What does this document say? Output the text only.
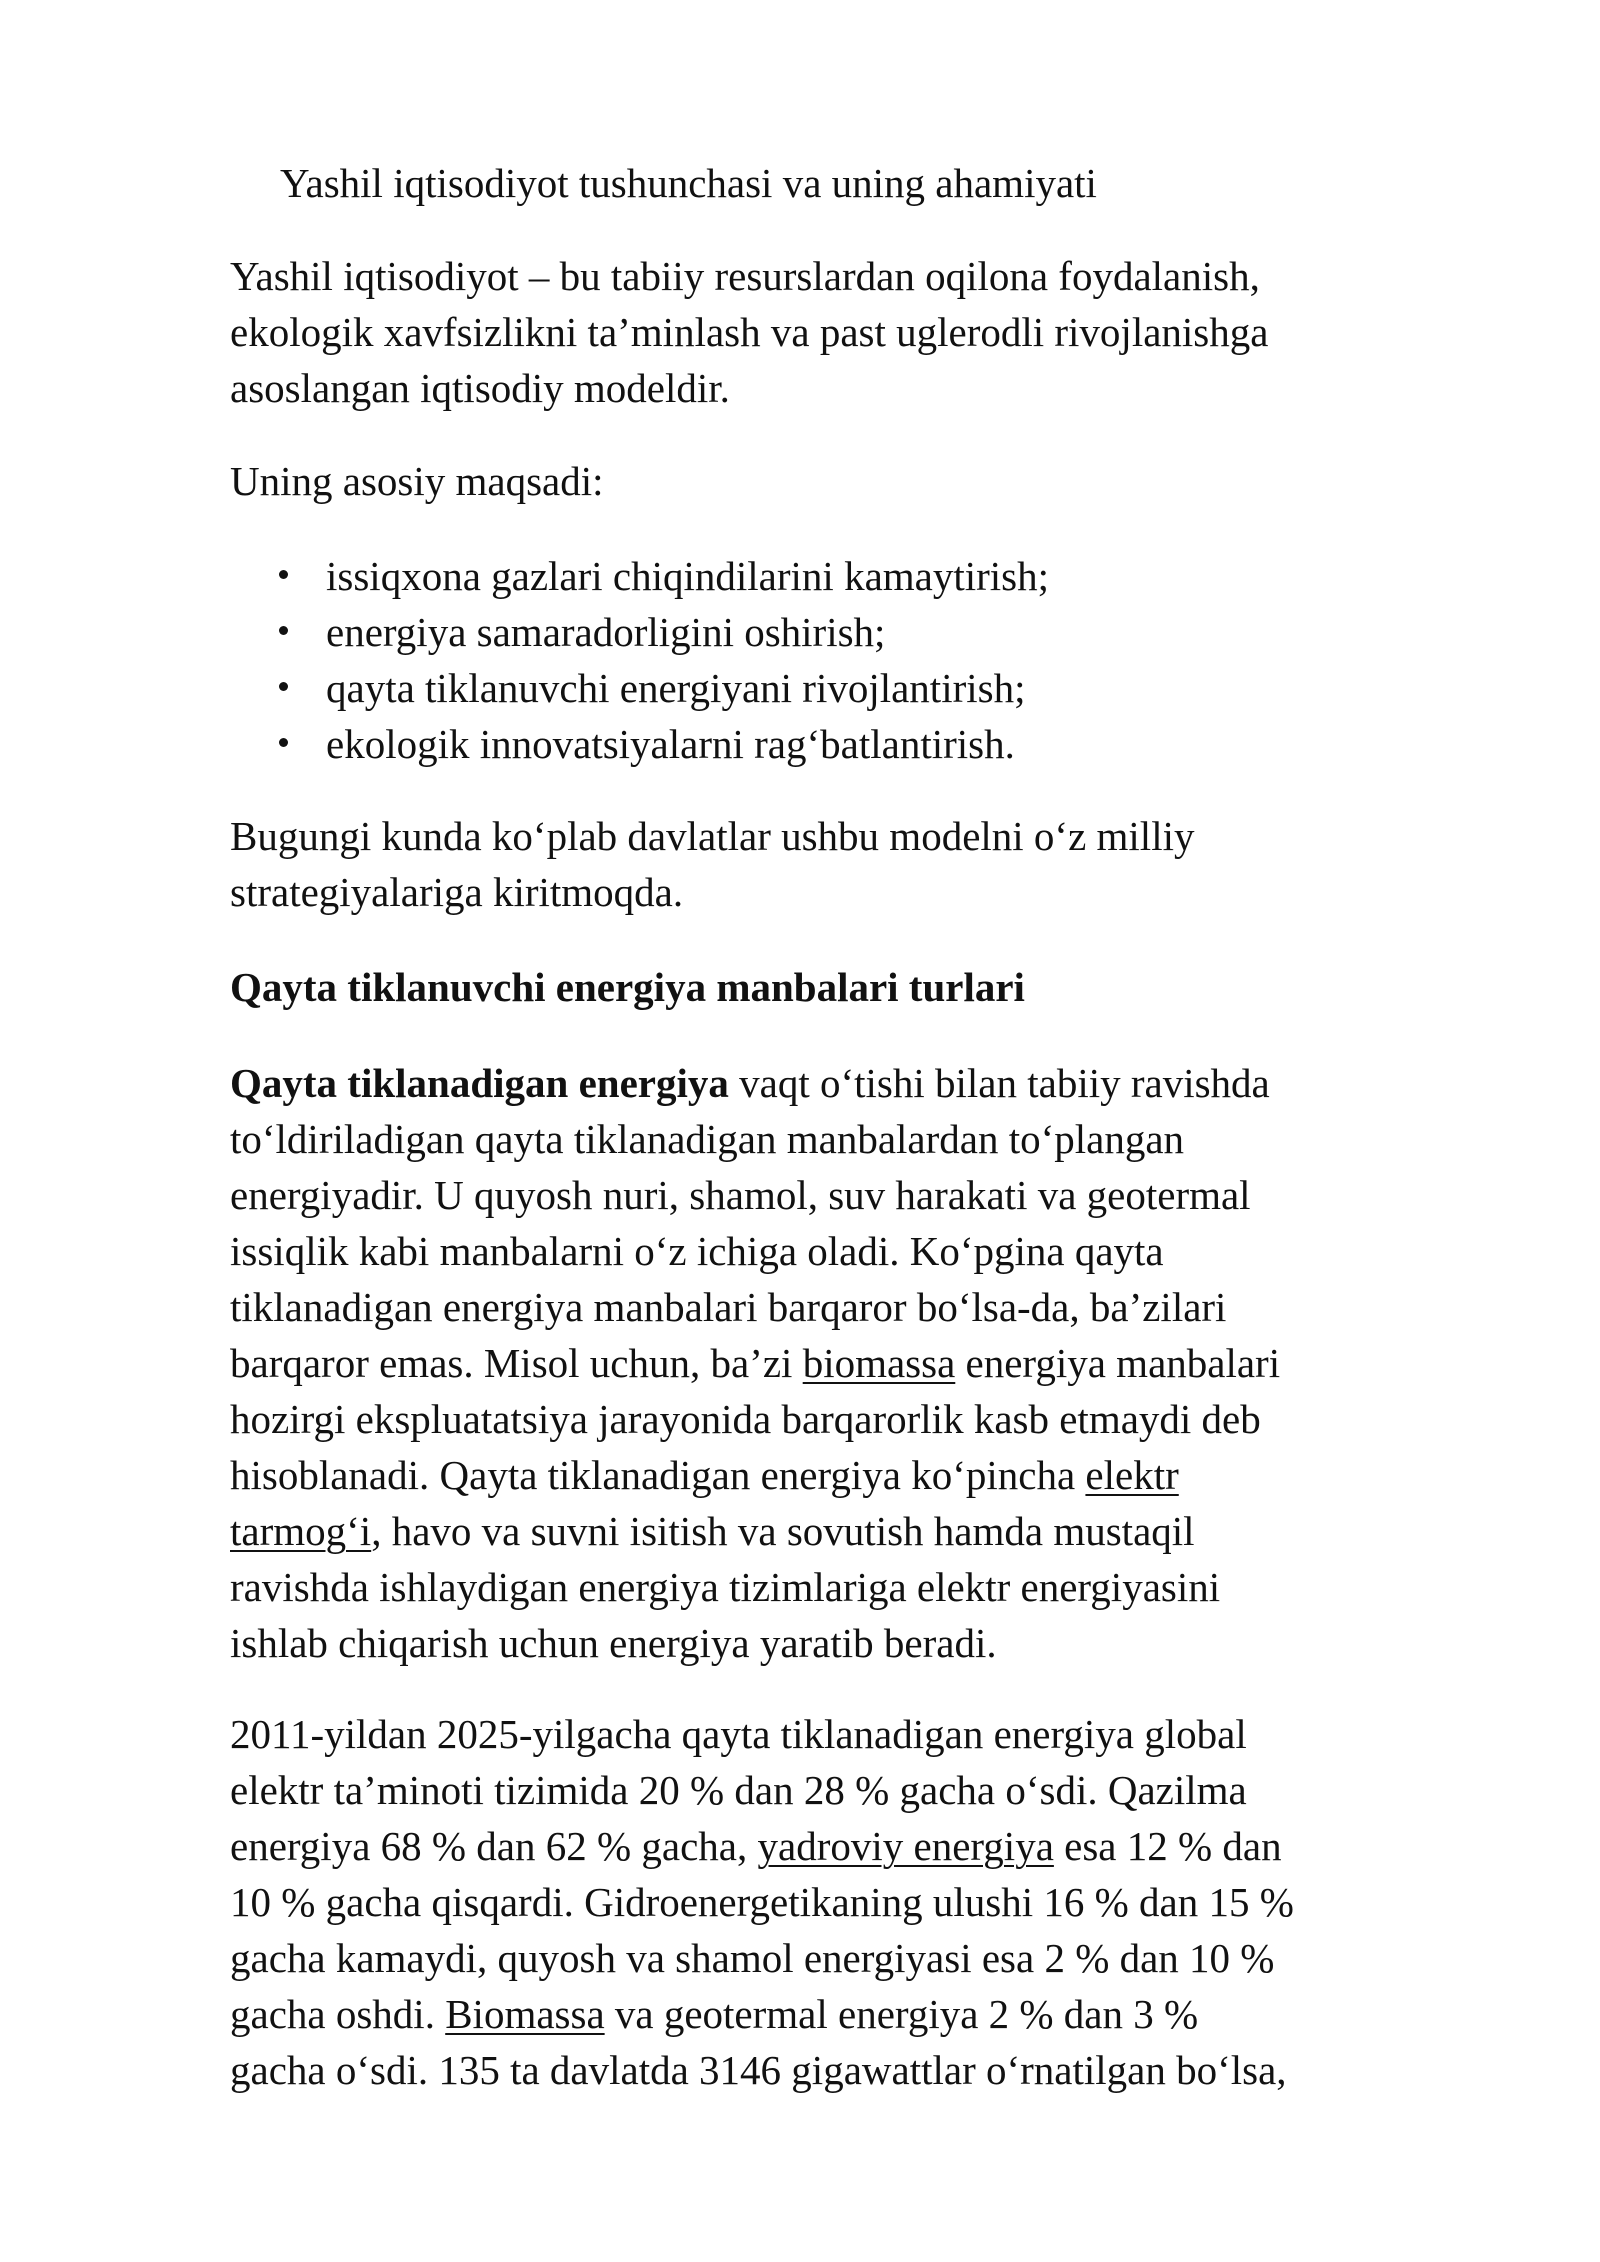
Yashil iqtisodiyot tushunchasi va uning ahamiyati

Yashil iqtisodiyot – bu tabiiy resurslardan oqilona foydalanish,
ekologik xavfsizlikni ta’minlash va past uglerodli rivojlanishga
asoslangan iqtisodiy modeldir.

Uning asosiy maqsadi:

issiqxona gazlari chiqindilarini kamaytirish;
energiya samaradorligini oshirish;
qayta tiklanuvchi energiyani rivojlantirish;
ekologik innovatsiyalarni rag‘batlantirish.

Bugungi kunda ko‘plab davlatlar ushbu modelni o‘z milliy
strategiyalariga kiritmoqda.

Qayta tiklanuvchi energiya manbalari turlari

Qayta tiklanadigan energiya vaqt o‘tishi bilan tabiiy ravishda
to‘ldiriladigan qayta tiklanadigan manbalardan to‘plangan
energiyadir. U quyosh nuri, shamol, suv harakati va geotermal
issiqlik kabi manbalarni o‘z ichiga oladi. Ko‘pgina qayta
tiklanadigan energiya manbalari barqaror bo‘lsa-da, ba’zilari
barqaror emas. Misol uchun, ba’zi biomassa energiya manbalari
hozirgi ekspluatatsiya jarayonida barqarorlik kasb etmaydi deb
hisoblanadi. Qayta tiklanadigan energiya ko‘pincha elektr
tarmog‘i, havo va suvni isitish va sovutish hamda mustaqil
ravishda ishlaydigan energiya tizimlariga elektr energiyasini
ishlab chiqarish uchun energiya yaratib beradi.

2011-yildan 2025-yilgacha qayta tiklanadigan energiya global
elektr ta’minoti tizimida 20 % dan 28 % gacha o‘sdi. Qazilma
energiya 68 % dan 62 % gacha, yadroviy energiya esa 12 % dan
10 % gacha qisqardi. Gidroenergetikaning ulushi 16 % dan 15 %
gacha kamaydi, quyosh va shamol energiyasi esa 2 % dan 10 %
gacha oshdi. Biomassa va geotermal energiya 2 % dan 3 %
gacha o‘sdi. 135 ta davlatda 3146 gigawattlar o‘rnatilgan bo‘lsa,
